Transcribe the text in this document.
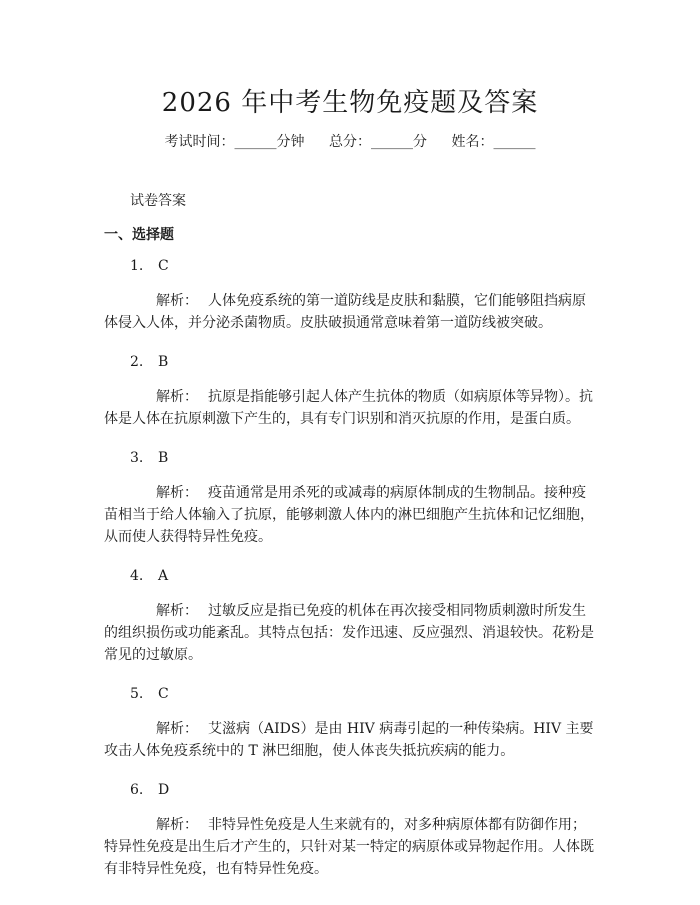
2026 年中考生物免疫题及答案
考试时间：______分钟 总分：______分 姓名：______
试卷答案
一、选择题
1. C
解析： 人体免疫系统的第一道防线是皮肤和黏膜，它们能够阻挡病原体侵入人体，并分泌杀菌物质。皮肤破损通常意味着第一道防线被突破。
2. B
解析： 抗原是指能够引起人体产生抗体的物质（如病原体等异物）。抗体是人体在抗原刺激下产生的，具有专门识别和消灭抗原的作用，是蛋白质。
3. B
解析： 疫苗通常是用杀死的或减毒的病原体制成的生物制品。接种疫苗相当于给人体输入了抗原，能够刺激人体内的淋巴细胞产生抗体和记忆细胞，从而使人获得特异性免疫。
4. A
解析： 过敏反应是指已免疫的机体在再次接受相同物质刺激时所发生的组织损伤或功能紊乱。其特点包括：发作迅速、反应强烈、消退较快。花粉是常见的过敏原。
5. C
解析： 艾滋病（AIDS）是由 HIV 病毒引起的一种传染病。HIV 主要攻击人体免疫系统中的 T 淋巴细胞，使人体丧失抵抗疾病的能力。
6. D
解析： 非特异性免疫是人生来就有的，对多种病原体都有防御作用；特异性免疫是出生后才产生的，只针对某一特定的病原体或异物起作用。人体既有非特异性免疫，也有特异性免疫。
